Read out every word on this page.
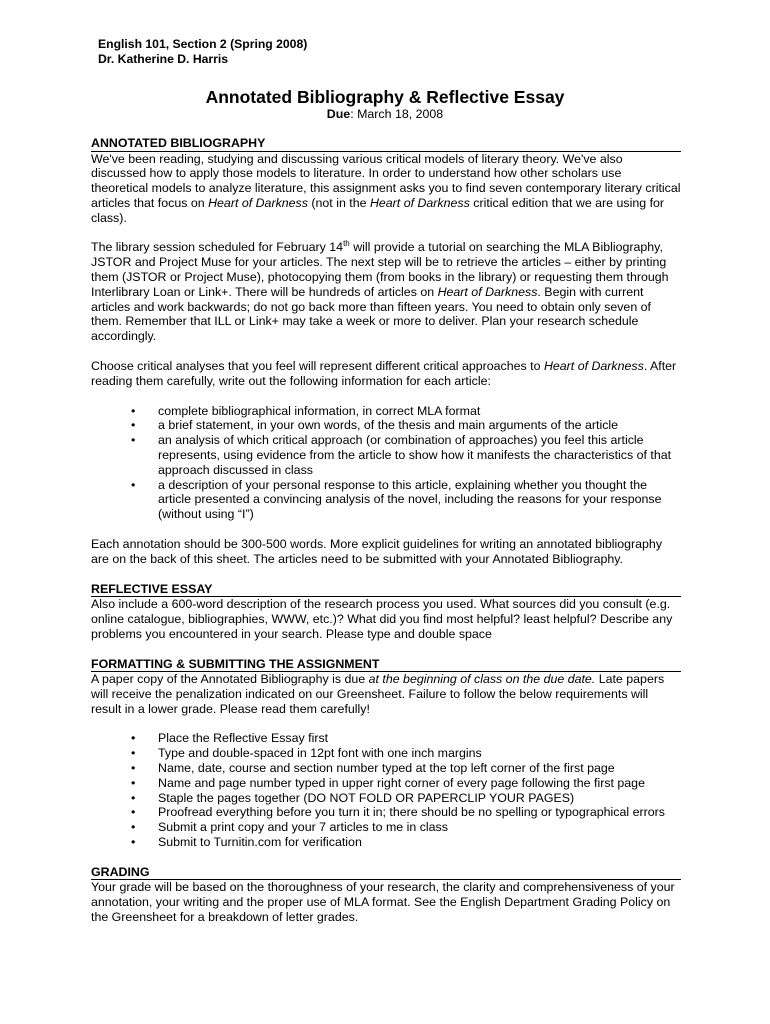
English 101, Section 2 (Spring 2008)
Dr. Katherine D. Harris
Annotated Bibliography & Reflective Essay
Due: March 18, 2008
ANNOTATED BIBLIOGRAPHY

We've been reading, studying and discussing various critical models of literary theory. We've also discussed how to apply those models to literature. In order to understand how other scholars use theoretical models to analyze literature, this assignment asks you to find seven contemporary literary critical articles that focus on Heart of Darkness (not in the Heart of Darkness critical edition that we are using for class).

The library session scheduled for February 14th will provide a tutorial on searching the MLA Bibliography, JSTOR and Project Muse for your articles. The next step will be to retrieve the articles – either by printing them (JSTOR or Project Muse), photocopying them (from books in the library) or requesting them through Interlibrary Loan or Link+. There will be hundreds of articles on Heart of Darkness. Begin with current articles and work backwards; do not go back more than fifteen years. You need to obtain only seven of them. Remember that ILL or Link+ may take a week or more to deliver. Plan your research schedule accordingly.

Choose critical analyses that you feel will represent different critical approaches to Heart of Darkness. After reading them carefully, write out the following information for each article:

• complete bibliographical information, in correct MLA format
• a brief statement, in your own words, of the thesis and main arguments of the article
• an analysis of which critical approach (or combination of approaches) you feel this article represents, using evidence from the article to show how it manifests the characteristics of that approach discussed in class
• a description of your personal response to this article, explaining whether you thought the article presented a convincing analysis of the novel, including the reasons for your response (without using “I”)

Each annotation should be 300-500 words. More explicit guidelines for writing an annotated bibliography are on the back of this sheet. The articles need to be submitted with your Annotated Bibliography.

REFLECTIVE ESSAY

Also include a 600-word description of the research process you used. What sources did you consult (e.g. online catalogue, bibliographies, WWW, etc.)? What did you find most helpful? least helpful? Describe any problems you encountered in your search. Please type and double space

FORMATTING & SUBMITTING THE ASSIGNMENT

A paper copy of the Annotated Bibliography is due at the beginning of class on the due date. Late papers will receive the penalization indicated on our Greensheet. Failure to follow the below requirements will result in a lower grade. Please read them carefully!

• Place the Reflective Essay first
• Type and double-spaced in 12pt font with one inch margins
• Name, date, course and section number typed at the top left corner of the first page
• Name and page number typed in upper right corner of every page following the first page
• Staple the pages together (DO NOT FOLD OR PAPERCLIP YOUR PAGES)
• Proofread everything before you turn it in; there should be no spelling or typographical errors
• Submit a print copy and your 7 articles to me in class
• Submit to Turnitin.com for verification
GRADING

Your grade will be based on the thoroughness of your research, the clarity and comprehensiveness of your annotation, your writing and the proper use of MLA format. See the English Department Grading Policy on the Greensheet for a breakdown of letter grades.
